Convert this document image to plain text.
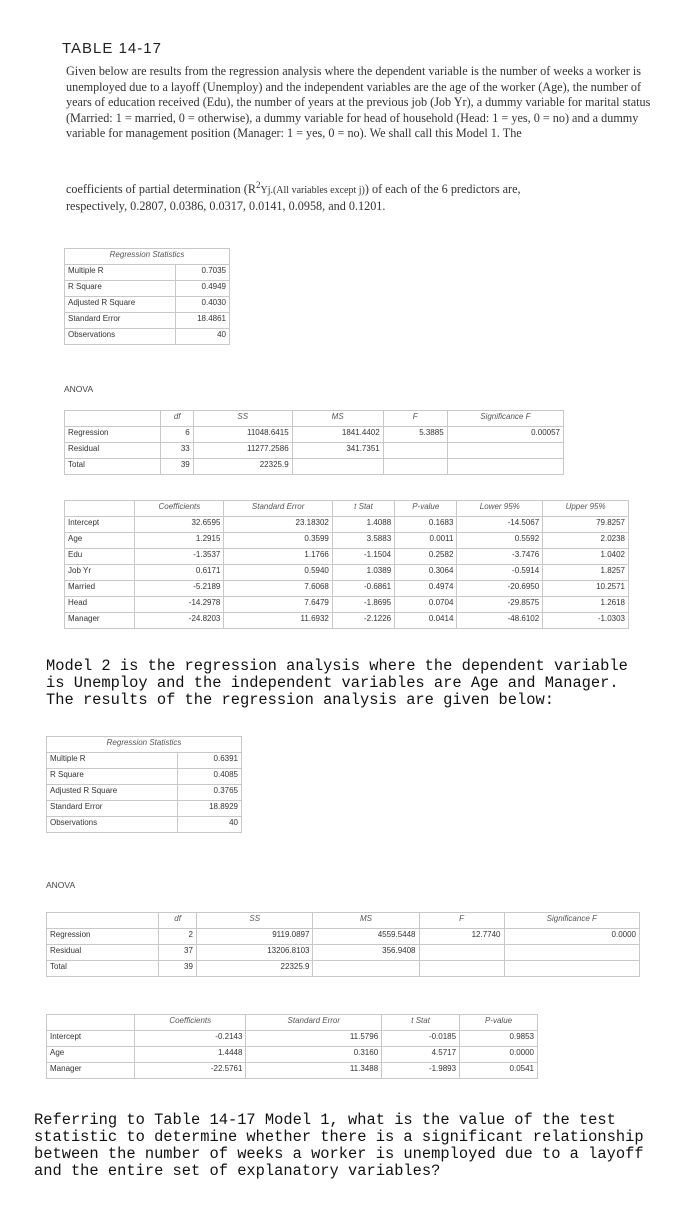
TABLE 14-17

Given below are results from the regression analysis where the dependent variable is the number of weeks a worker is unemployed due to a layoff (Unemploy) and the independent variables are the age of the worker (Age), the number of years of education received (Edu), the number of years at the previous job (Job Yr), a dummy variable for marital status (Married: 1 = married, 0 = otherwise), a dummy variable for head of household (Head: 1 = yes, 0 = no) and a dummy variable for management position (Manager: 1 = yes, 0 = no). We shall call this Model 1. The

coefficients of partial determination ($R^2Yj.(All$ variables except j)) of each of the 6 predictors are,
respectively, 0.2807, 0.0386, 0.0317, 0.0141, 0.0958, and 0.1201.
Regression Statistics	
Multiple R	0.7035
R Square	0.4949
Adjusted R Square	0.4030
Standard Error	18.4861
Observations	40
ANOVA
	df	SS	MS	F	Significance F
Regression	6	11048.6415	1841.4402	5.3885	0.00057
Residual	33	11277.2586	341.7351		
Total	39	22325.9			
	Coefficients	Standard Error	t Stat	P-value	Lower 95%	Upper 95%
Intercept	32.6595	23.18302	1.4088	0.1683	-14.5067	79.8257
Age	1.2915	0.3599	3.5883	0.0011	0.5592	2.0238
Edu	-1.3537	1.1766	-1.1504	0.2582	-3.7476	1.0402
Job Yr	0.6171	0.5940	1.0389	0.3064	-0.5914	1.8257
Married	-5.2189	7.6068	-0.6861	0.4974	-20.6950	10.2571
Head	-14.2978	7.6479	-1.8695	0.0704	-29.8575	1.2618
Manager	-24.8203	11.6932	-2.1226	0.0414	-48.6102	-1.0303
Model 2 is the regression analysis where the dependent variable is Unemploy and the independent variables are Age and Manager. The results of the regression analysis are given below:
Regression Statistics	
Multiple R	0.6391
R Square	0.4085
Adjusted R Square	0.3765
Standard Error	18.8929
Observations	40
ANOVA
	df	SS	MS	F	Significance F
Regression	2	9119.0897	4559.5448	12.7740	0.0000
Residual	37	13206.8103	356.9408		
Total	39	22325.9			
	Coefficients	Standard Error	t Stat	P-value
Intercept	-0.2143	11.5796	-0.0185	0.9853
Age	1.4448	0.3160	4.5717	0.0000
Manager	-22.5761	11.3488	-1.9893	0.0541
Referring to Table 14-17 Model 1, what is the value of the test statistic to determine whether there is a significant relationship between the number of weeks a worker is unemployed due to a layoff and the entire set of explanatory variables?
